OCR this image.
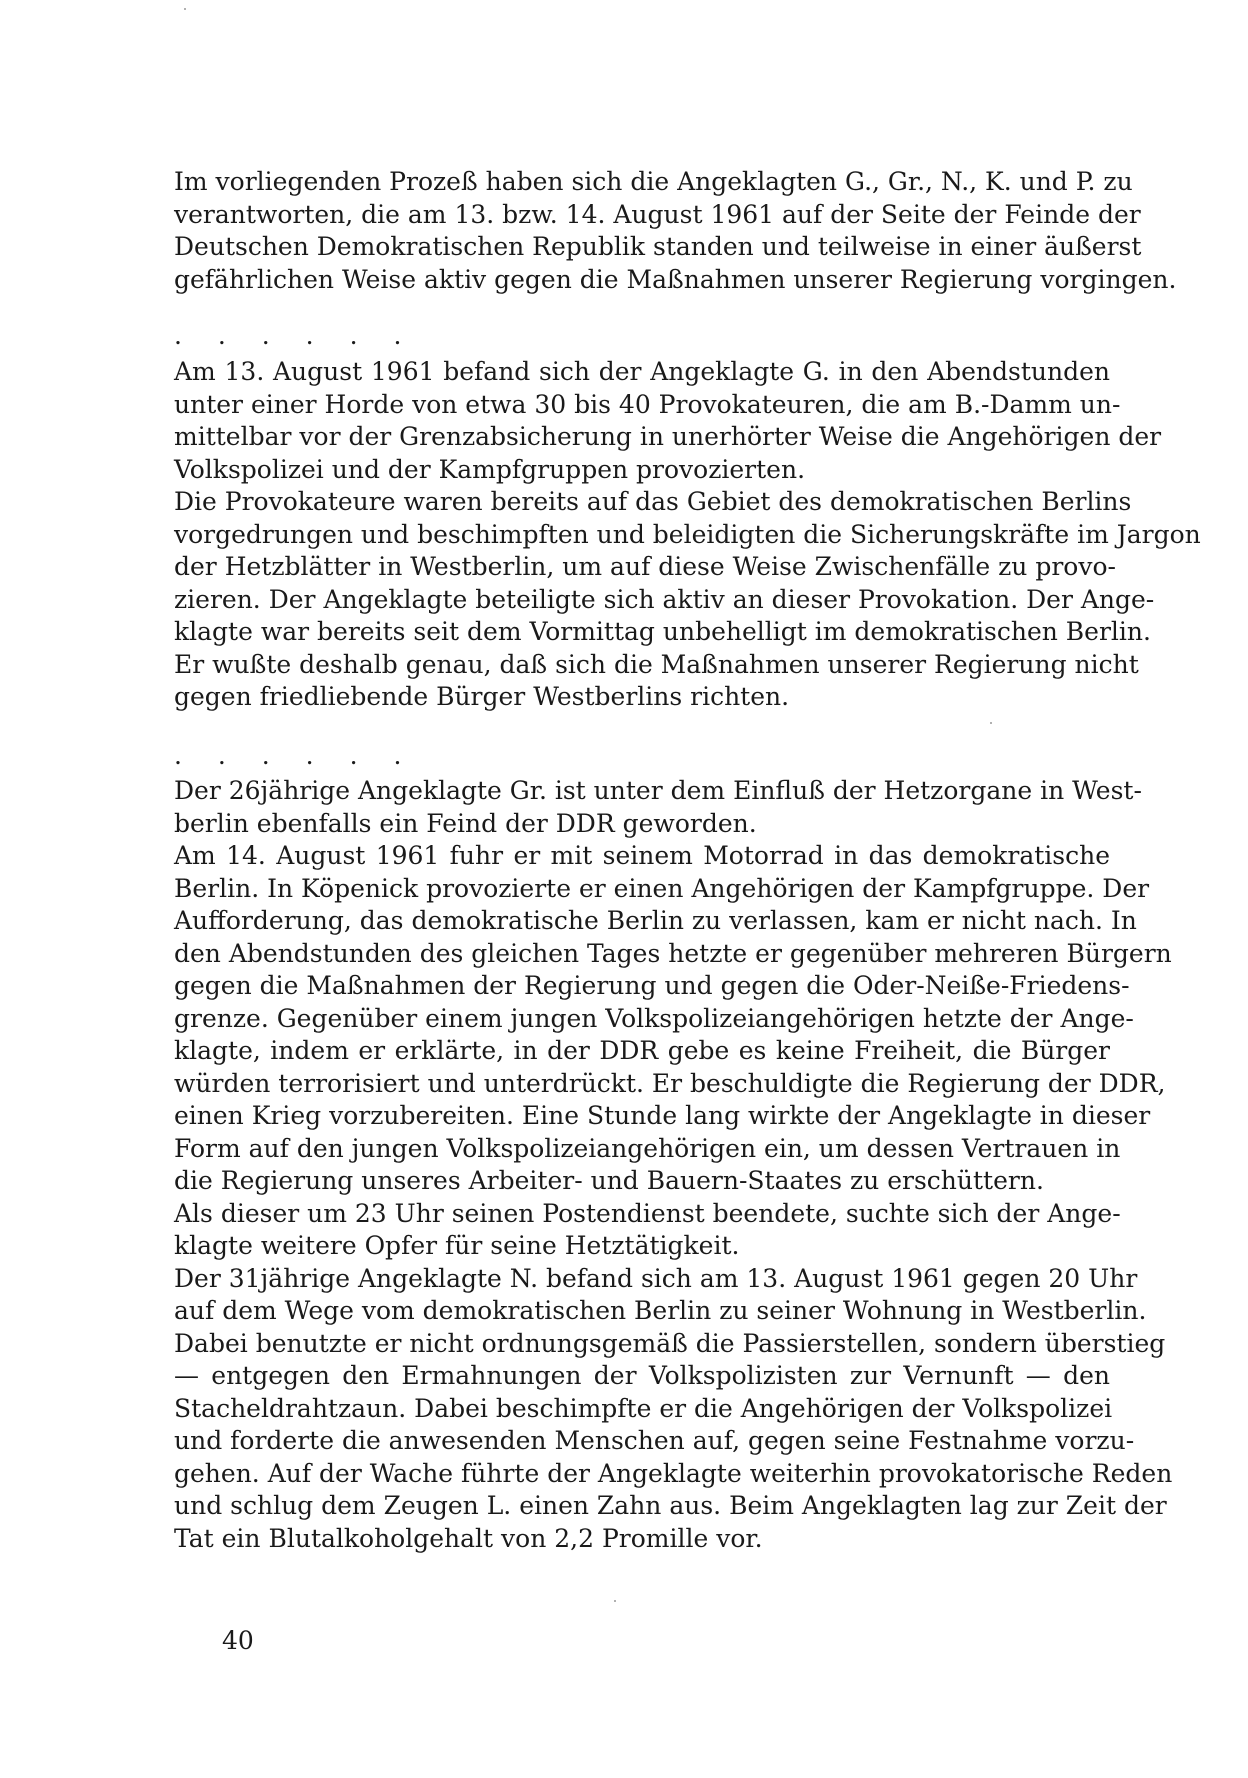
Im vorliegenden Prozeß haben sich die Angeklagten G., Gr., N., K. und P. zu
verantworten, die am 13. bzw. 14. August 1961 auf der Seite der Feinde der
Deutschen Demokratischen Republik standen und teilweise in einer äußerst
gefährlichen Weise aktiv gegen die Maßnahmen unserer Regierung vorgingen.
. . . . . .
Am 13. August 1961 befand sich der Angeklagte G. in den Abendstunden
unter einer Horde von etwa 30 bis 40 Provokateuren, die am B.-Damm un-
mittelbar vor der Grenzabsicherung in unerhörter Weise die Angehörigen der
Volkspolizei und der Kampfgruppen provozierten.
Die Provokateure waren bereits auf das Gebiet des demokratischen Berlins
vorgedrungen und beschimpften und beleidigten die Sicherungskräfte im Jargon
der Hetzblätter in Westberlin, um auf diese Weise Zwischenfälle zu provo-
zieren. Der Angeklagte beteiligte sich aktiv an dieser Provokation. Der Ange-
klagte war bereits seit dem Vormittag unbehelligt im demokratischen Berlin.
Er wußte deshalb genau, daß sich die Maßnahmen unserer Regierung nicht
gegen friedliebende Bürger Westberlins richten.
. . . . . .
Der 26jährige Angeklagte Gr. ist unter dem Einfluß der Hetzorgane in West-
berlin ebenfalls ein Feind der DDR geworden.
Am 14. August 1961 fuhr er mit seinem Motorrad in das demokratische
Berlin. In Köpenick provozierte er einen Angehörigen der Kampfgruppe. Der
Aufforderung, das demokratische Berlin zu verlassen, kam er nicht nach. In
den Abendstunden des gleichen Tages hetzte er gegenüber mehreren Bürgern
gegen die Maßnahmen der Regierung und gegen die Oder-Neiße-Friedens-
grenze. Gegenüber einem jungen Volkspolizeiangehörigen hetzte der Ange-
klagte, indem er erklärte, in der DDR gebe es keine Freiheit, die Bürger
würden terrorisiert und unterdrückt. Er beschuldigte die Regierung der DDR,
einen Krieg vorzubereiten. Eine Stunde lang wirkte der Angeklagte in dieser
Form auf den jungen Volkspolizeiangehörigen ein, um dessen Vertrauen in
die Regierung unseres Arbeiter- und Bauern-Staates zu erschüttern.
Als dieser um 23 Uhr seinen Postendienst beendete, suchte sich der Ange-
klagte weitere Opfer für seine Hetztätigkeit.
Der 31jährige Angeklagte N. befand sich am 13. August 1961 gegen 20 Uhr
auf dem Wege vom demokratischen Berlin zu seiner Wohnung in Westberlin.
Dabei benutzte er nicht ordnungsgemäß die Passierstellen, sondern überstieg
— entgegen den Ermahnungen der Volkspolizisten zur Vernunft — den
Stacheldrahtzaun. Dabei beschimpfte er die Angehörigen der Volkspolizei
und forderte die anwesenden Menschen auf, gegen seine Festnahme vorzu-
gehen. Auf der Wache führte der Angeklagte weiterhin provokatorische Reden
und schlug dem Zeugen L. einen Zahn aus. Beim Angeklagten lag zur Zeit der
Tat ein Blutalkoholgehalt von 2,2 Promille vor.
40
